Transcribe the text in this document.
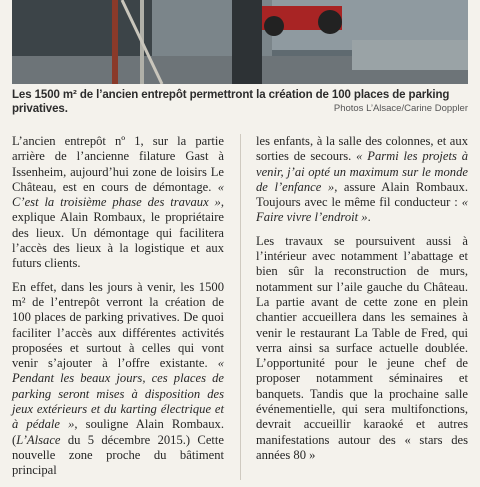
Les 1500 m² de l’ancien entrepôt permettront la création de 100 places de parking privatives.	Photos L’Alsace/Carine Doppler

L’ancien entrepôt nº 1, sur la partie arrière de l’ancienne filature Gast à Issenheim, aujourd’hui zone de loisirs Le Château, est en cours de démontage. « C’est la troisième phase des travaux », explique Alain Rombaux, le propriétaire des lieux. Un démontage qui facilitera l’accès des lieux à la logistique et aux futurs clients.

En effet, dans les jours à venir, les 1500 m² de l’entrepôt verront la création de 100 places de parking privatives. De quoi faciliter l’accès aux différentes activités proposées et surtout à celles qui vont venir s’ajouter à l’offre existante. « Pendant les beaux jours, ces places de parking seront mises à disposition des jeux extérieurs et du karting électrique et à pédale », souligne Alain Rombaux. (L’Alsace du 5 décembre 2015.) Cette nouvelle zone proche du bâtiment principal

les enfants, à la salle des colonnes, et aux sorties de secours. « Parmi les projets à venir, j’ai opté un maximum sur le monde de l’enfance », assure Alain Rombaux. Toujours avec le même fil conducteur : « Faire vivre l’endroit ».

Les travaux se poursuivent aussi à l’intérieur avec notamment l’abattage et bien sûr la reconstruction de murs, notamment sur l’aile gauche du Château. La partie avant de cette zone en plein chantier accueillera dans les semaines à venir le restaurant La Table de Fred, qui verra ainsi sa surface actuelle doublée. L’opportunité pour le jeune chef de proposer notamment séminaires et banquets. Tandis que la prochaine salle événementielle, qui sera multifonctions, devrait accueillir karaoké et autres manifestations autour des « stars des années 80 »
